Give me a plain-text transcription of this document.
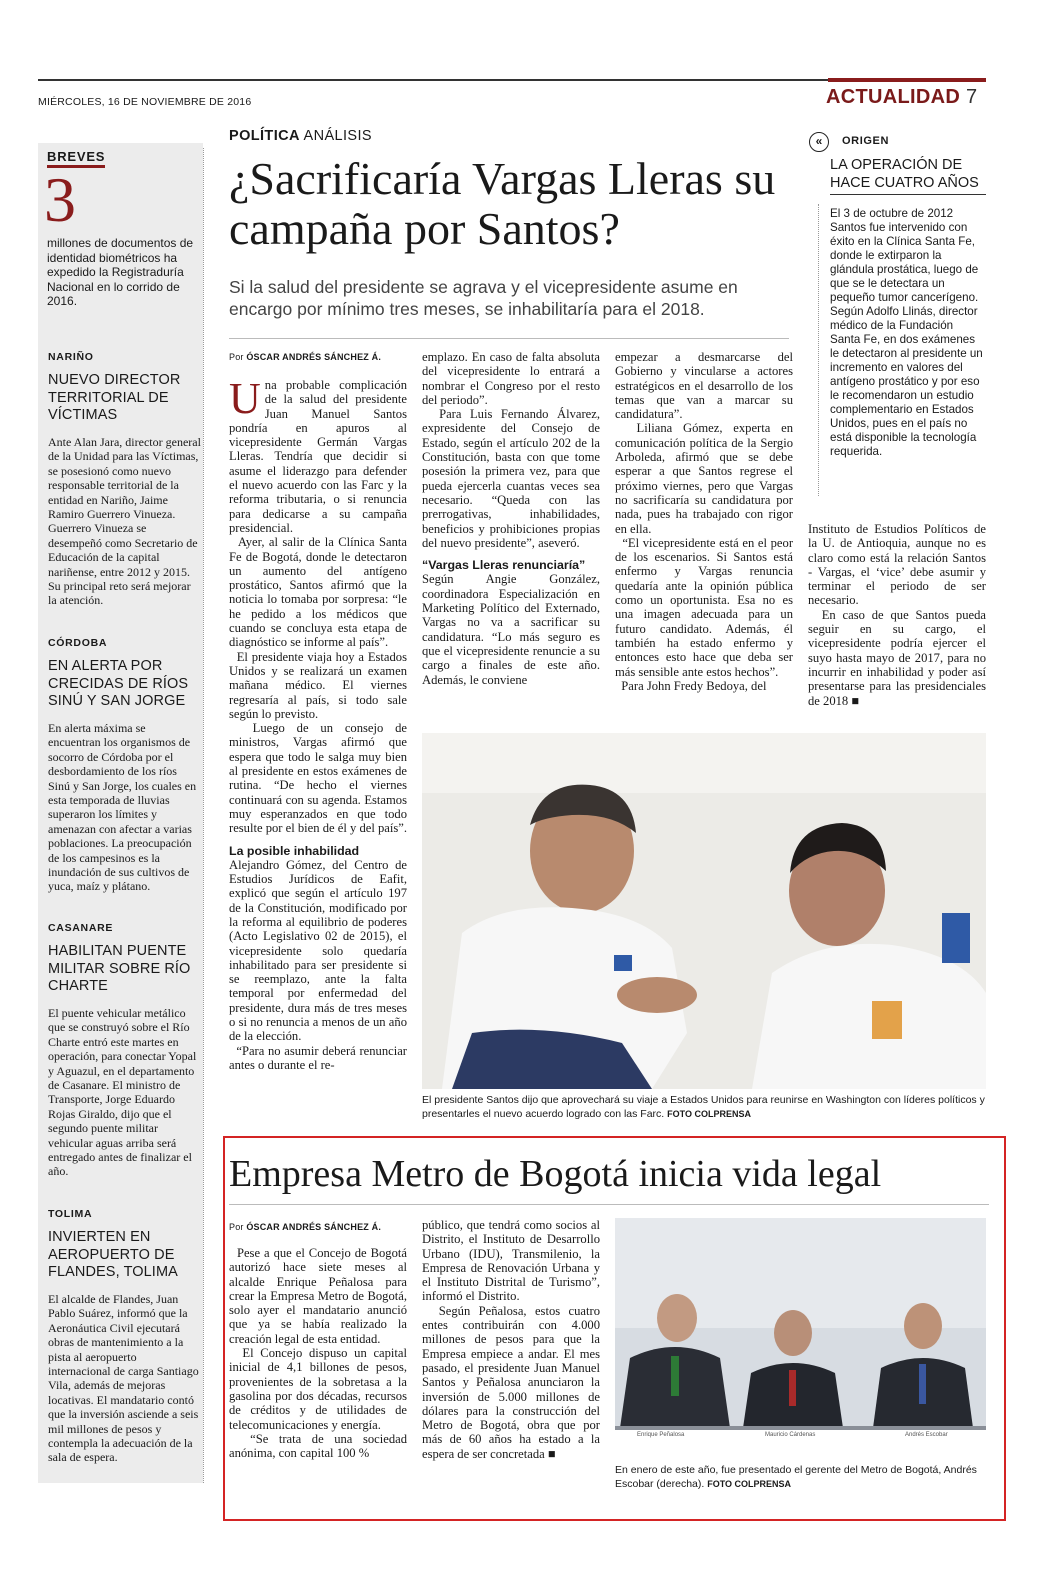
MIÉRCOLES, 16 DE NOVIEMBRE DE 2016	ACTUALIDAD 7
BREVES
3
millones de documentos de identidad biométricos ha expedido la Registraduría Nacional en lo corrido de 2016.
NARIÑO
NUEVO DIRECTOR TERRITORIAL DE VÍCTIMAS
Ante Alan Jara, director general de la Unidad para las Víctimas, se posesionó como nuevo responsable territorial de la entidad en Nariño, Jaime Ramiro Guerrero Vinueza. Guerrero Vinueza se desempeñó como Secretario de Educación de la capital nariñense, entre 2012 y 2015. Su principal reto será mejorar la atención.
CÓRDOBA
EN ALERTA POR CRECIDAS DE RÍOS SINÚ Y SAN JORGE
En alerta máxima se encuentran los organismos de socorro de Córdoba por el desbordamiento de los ríos Sinú y San Jorge, los cuales en esta temporada de lluvias superaron los límites y amenazan con afectar a varias poblaciones. La preocupación de los campesinos es la inundación de sus cultivos de yuca, maíz y plátano.
CASANARE
HABILITAN PUENTE MILITAR SOBRE RÍO CHARTE
El puente vehicular metálico que se construyó sobre el Río Charte entró este martes en operación, para conectar Yopal y Aguazul, en el departamento de Casanare. El ministro de Transporte, Jorge Eduardo Rojas Giraldo, dijo que el segundo puente militar vehicular aguas arriba será entregado antes de finalizar el año.
TOLIMA
INVIERTEN EN AEROPUERTO DE FLANDES, TOLIMA
El alcalde de Flandes, Juan Pablo Suárez, informó que la Aeronáutica Civil ejecutará obras de mantenimiento a la pista al aeropuerto internacional de carga Santiago Vila, además de mejoras locativas. El mandatario contó que la inversión asciende a seis mil millones de pesos y contempla la adecuación de la sala de espera.
POLÍTICA ANÁLISIS
¿Sacrificaría Vargas Lleras su campaña por Santos?
Si la salud del presidente se agrava y el vicepresidente asume en encargo por mínimo tres meses, se inhabilitaría para el 2018.
Por ÓSCAR ANDRÉS SÁNCHEZ Á.
Una probable complicación de la salud del presidente Juan Manuel Santos pondría en apuros al vicepresidente Germán Vargas Lleras. Tendría que decidir si asume el liderazgo para defender el nuevo acuerdo con las Farc y la reforma tributaria, o si renuncia para dedicarse a su campaña presidencial.
Ayer, al salir de la Clínica Santa Fe de Bogotá, donde le detectaron un aumento del antígeno prostático, Santos afirmó que la noticia lo tomaba por sorpresa: “le he pedido a los médicos que cuando se concluya esta etapa de diagnóstico se informe al país”.
El presidente viaja hoy a Estados Unidos y se realizará un examen mañana médico. El viernes regresaría al país, si todo sale según lo previsto.
Luego de un consejo de ministros, Vargas afirmó que espera que todo le salga muy bien al presidente en estos exámenes de rutina. “De hecho el viernes continuará con su agenda. Estamos muy esperanzados en que todo resulte por el bien de él y del país”.

La posible inhabilidad
Alejandro Gómez, del Centro de Estudios Jurídicos de Eafit, explicó que según el artículo 197 de la Constitución, modificado por la reforma al equilibrio de poderes (Acto Legislativo 02 de 2015), el vicepresidente solo quedaría inhabilitado para ser presidente si se reemplazo, ante la falta temporal por enfermedad del presidente, dura más de tres meses o si no renuncia a menos de un año de la elección.
“Para no asumir deberá renunciar antes o durante el re-
emplazo. En caso de falta absoluta del vicepresidente lo entrará a nombrar el Congreso por el resto del periodo”.
Para Luis Fernando Álvarez, expresidente del Consejo de Estado, según el artículo 202 de la Constitución, basta con que tome posesión la primera vez, para que pueda ejercerla cuantas veces sea necesario. “Queda con las prerrogativas, inhabilidades, beneficios y prohibiciones propias del nuevo presidente”, aseveró.
“Vargas Lleras renunciaría”
Según Angie González, coordinadora Especialización en Marketing Político del Externado, Vargas no va a sacrificar su candidatura. “Lo más seguro es que el vicepresidente renuncie a su cargo a finales de este año. Además, le conviene
empezar a desmarcarse del Gobierno y vincularse a actores estratégicos en el desarrollo de los temas que van a marcar su candidatura”.
Liliana Gómez, experta en comunicación política de la Sergio Arboleda, afirmó que se debe esperar a que Santos regrese el próximo viernes, pero que Vargas no sacrificaría su candidatura por nada, pues ha trabajado con rigor en ella.
“El vicepresidente está en el peor de los escenarios. Si Santos está enfermo y Vargas renuncia quedaría ante la opinión pública como un oportunista. Esa no es una imagen adecuada para un futuro candidato. Además, él también ha estado enfermo y entonces esto hace que deba ser más sensible ante estos hechos”.
Para John Fredy Bedoya, del
Instituto de Estudios Políticos de la U. de Antioquia, aunque no es claro como está la relación Santos - Vargas, el ‘vice’ debe asumir y terminar el periodo de ser necesario.
En caso de que Santos pueda seguir en su cargo, el vicepresidente podría ejercer el suyo hasta mayo de 2017, para no incurrir en inhabilidad y poder así presentarse para las presidenciales de 2018 ■
«	ORIGEN
LA OPERACIÓN DE HACE CUATRO AÑOS
El 3 de octubre de 2012 Santos fue intervenido con éxito en la Clínica Santa Fe, donde le extirparon la glándula prostática, luego de que se le detectara un pequeño tumor cancerígeno. Según Adolfo Llinás, director médico de la Fundación Santa Fe, en dos exámenes le detectaron al presidente un incremento en valores del antígeno prostático y por eso le recomendaron un estudio complementario en Estados Unidos, pues en el país no está disponible la tecnología requerida.
El presidente Santos dijo que aprovechará su viaje a Estados Unidos para reunirse en Washington con líderes políticos y presentarles el nuevo acuerdo logrado con las Farc. FOTO COLPRENSA
Empresa Metro de Bogotá inicia vida legal
Por ÓSCAR ANDRÉS SÁNCHEZ Á.
Pese a que el Concejo de Bogotá autorizó hace siete meses al alcalde Enrique Peñalosa para crear la Empresa Metro de Bogotá, solo ayer el mandatario anunció que ya se había realizado la creación legal de esta entidad.
El Concejo dispuso un capital inicial de 4,1 billones de pesos, provenientes de la sobretasa a la gasolina por dos décadas, recursos de créditos y de utilidades de telecomunicaciones y energía.
“Se trata de una sociedad anónima, con capital 100 %
público, que tendrá como socios al Distrito, el Instituto de Desarrollo Urbano (IDU), Transmilenio, la Empresa de Renovación Urbana y el Instituto Distrital de Turismo”, informó el Distrito.
Según Peñalosa, estos cuatro entes contribuirán con 4.000 millones de pesos para que la Empresa empiece a andar. El mes pasado, el presidente Juan Manuel Santos y Peñalosa anunciaron la inversión de 5.000 millones de dólares para la construcción del Metro de Bogotá, obra que por más de 60 años ha estado a la espera de ser concretada ■
Enrique Peñalosa	Mauricio Cárdenas	Andrés Escobar
En enero de este año, fue presentado el gerente del Metro de Bogotá, Andrés Escobar (derecha). FOTO COLPRENSA
